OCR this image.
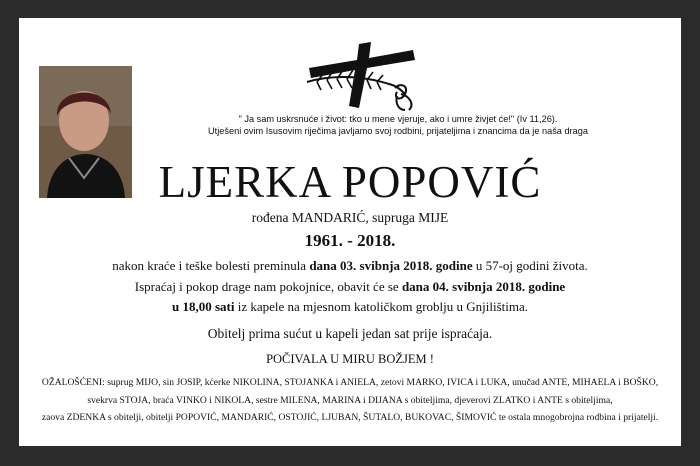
" Ja sam uskrsnuće i život: tko u mene vjeruje, ako i umre živjet će!" (Iv 11,26).

Utješeni ovim Isusovim riječima javljamo svoj rodbini, prijateljima i znancima da je naša draga

LJERKA POPOVIĆ
rođena MANDARIĆ, supruga MIJE
1961. - 2018.
nakon kraće i teške bolesti preminula dana 03. svibnja 2018. godine u 57-oj godini života.
Ispraćaj i pokop drage nam pokojnice, obavit će se dana 04. svibnja 2018. godine
u 18,00 sati iz kapele na mjesnom katoličkom groblju u Gnjilištima.
Obitelj prima sućut u kapeli jedan sat prije ispraćaja.
POČIVALA U MIRU BOŽJEM !

OŽALOŠĆENI: suprug MIJO, sin JOSIP, kćerke NIKOLINA, STOJANKA i ANIELA, zetovi MARKO, IVICA i LUKA, unučad ANTE, MIHAELA i BOŠKO,

svekrva STOJA, braća VINKO i NIKOLA, sestre MILENA, MARINA i DIJANA s obiteljima, djeverovi ZLATKO i ANTE s obiteljima,

zaova ZDENKA s obitelji, obitelji POPOVIĆ, MANDARIĆ, OSTOJIĆ, LJUBAN, ŠUTALO, BUKOVAC, ŠIMOVIĆ te ostala mnogobrojna rodbina i prijatelji.
